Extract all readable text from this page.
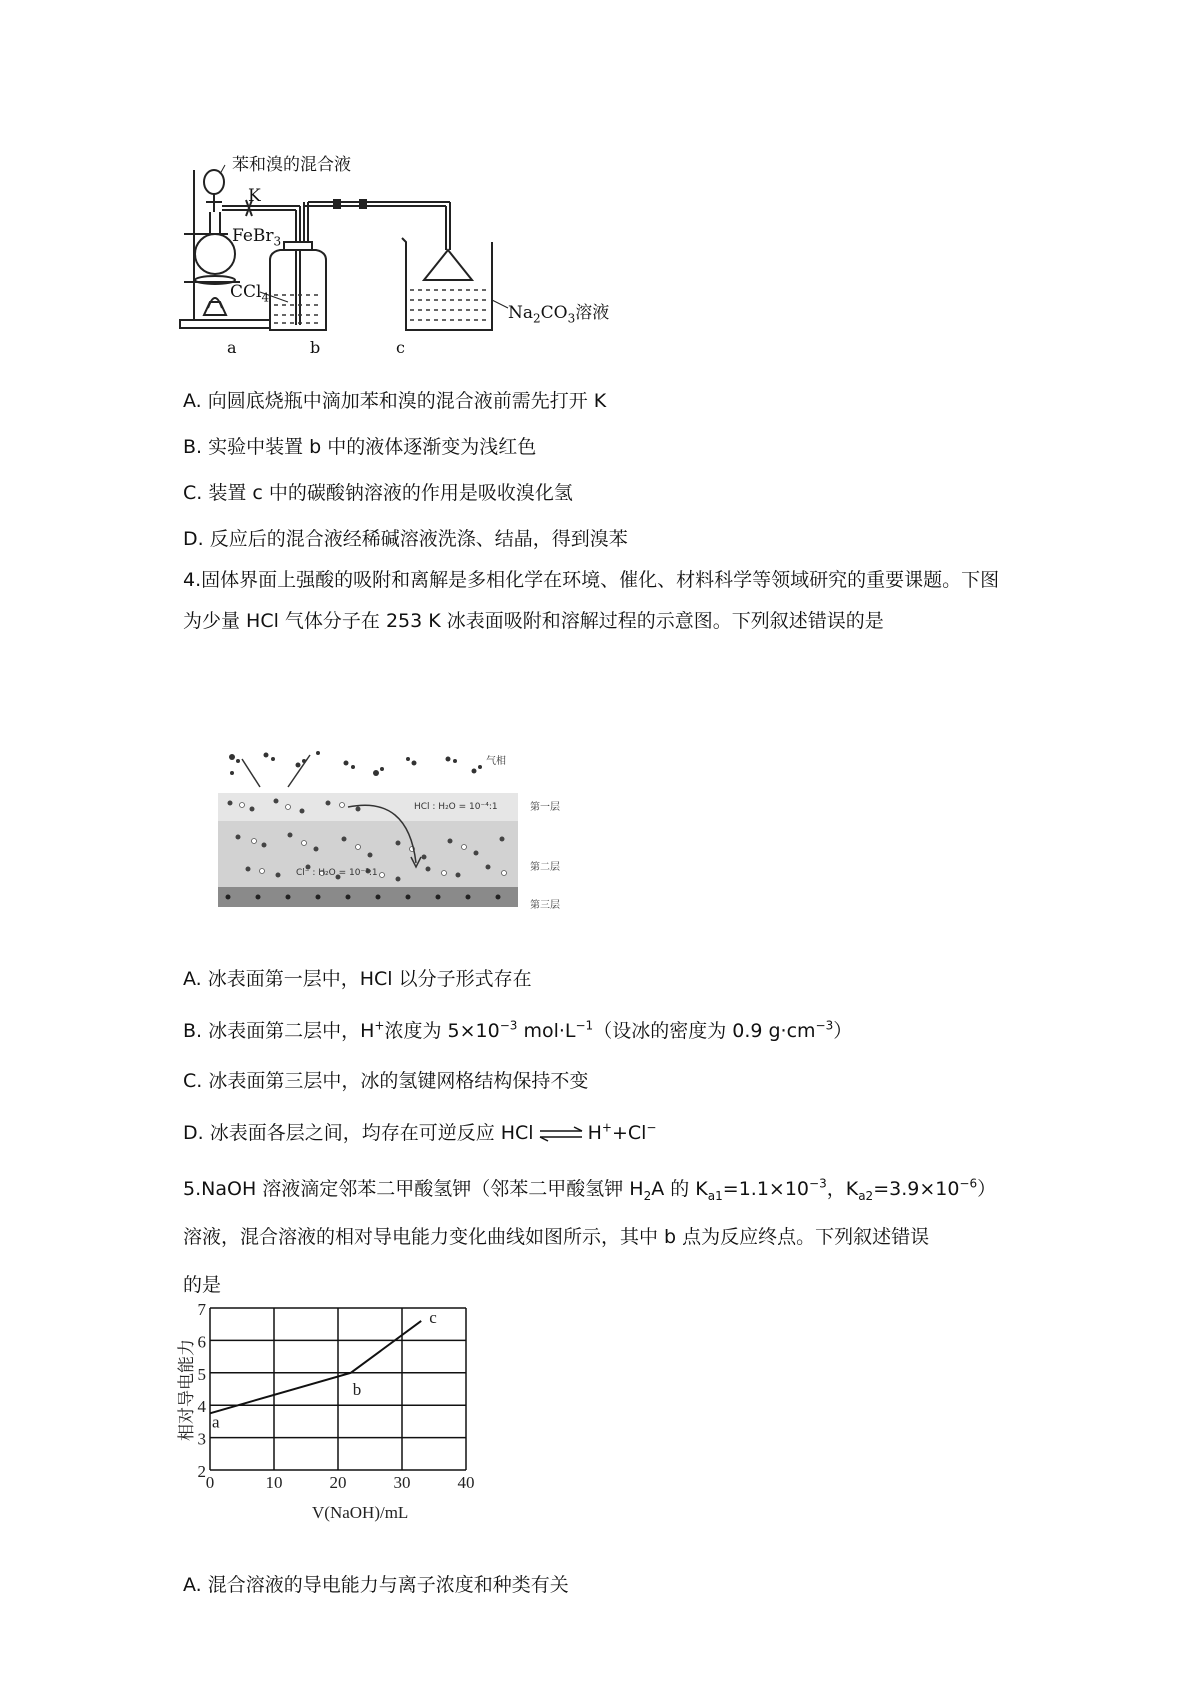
苯和溴的混合液
K
FeBr$_3$
CCl$_4$
$Na_2CO_3$溶液
a	b	c
A. 向圆底烧瓶中滴加苯和溴的混合液前需先打开 K
B. 实验中装置 b 中的液体逐渐变为浅红色
C. 装置 c 中的碳酸钠溶液的作用是吸收溴化氢
D. 反应后的混合液经稀碱溶液洗涤、结晶，得到溴苯
4.固体界面上强酸的吸附和离解是多相化学在环境、催化、材料科学等领域研究的重要课题。下图为少量 HCl 气体分子在 253 K 冰表面吸附和溶解过程的示意图。下列叙述错误的是
气相
第一层
第二层
第三层
HCl : H₂O = 10⁻⁴:1
Cl⁻ : H₂O = 10⁻³:1
A. 冰表面第一层中，HCl 以分子形式存在
B. 冰表面第二层中，H+浓度为 $5\times 10^{-3}$ $mol\cdot L^{-1}$（设冰的密度为 0.9 $g\cdot cm^{-3}$）
C. 冰表面第三层中，冰的氢键网格结构保持不变
D. 冰表面各层之间，均存在可逆反应 HCl ⇌ H++Cl−
5.NaOH 溶液滴定邻苯二甲酸氢钾（邻苯二甲酸氢钾 $H_2A$ 的 $K_{a1}=1.1\times 10^{-3}$，$K_{a2}=3.9\times 10^{-6}$）
溶液，混合溶液的相对导电能力变化曲线如图所示，其中 b 点为反应终点。下列叙述错误
的是
2
3
4
5
6
7
0	10	20	30	40
a
b
c
相对导电能力
V(NaOH)/mL
A. 混合溶液的导电能力与离子浓度和种类有关
